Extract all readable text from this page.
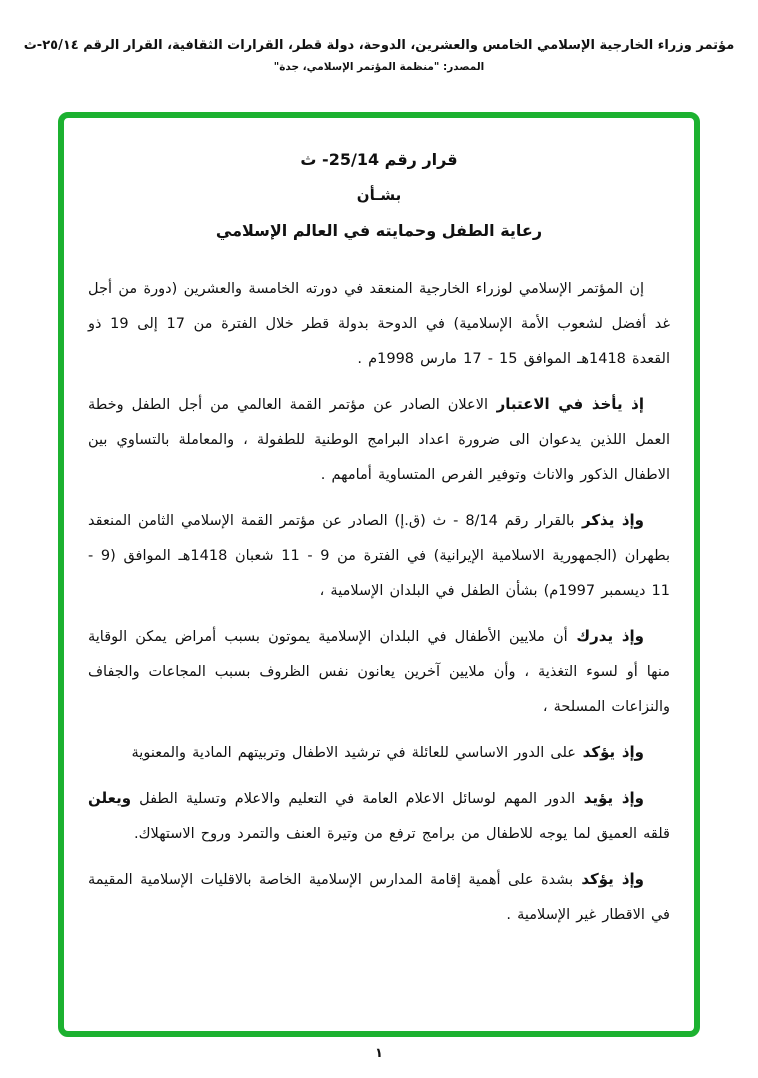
مؤتمر وزراء الخارجية الإسلامي الخامس والعشرين، الدوحة، دولة قطر، القرارات الثقافية، القرار الرقم ٢٥/١٤-ث
المصدر: "منظمة المؤتمر الإسلامي، جدة"
قرار رقم 25/14- ث
بشـأن
رعاية الطفل وحمايته في العالم الإسلامي

إن المؤتمر الإسلامي لوزراء الخارجية المنعقد في دورته الخامسة والعشرين (دورة من أجل غد أفضل لشعوب الأمة الإسلامية) في الدوحة بدولة قطر خلال الفترة من 17 إلى 19 ذو القعدة 1418هـ الموافق 15 - 17 مارس 1998م .

إذ يأخذ في الاعتبار الاعلان الصادر عن مؤتمر القمة العالمي من أجل الطفل وخطة العمل اللذين يدعوان الى ضرورة اعداد البرامج الوطنية للطفولة ، والمعاملة بالتساوي بين الاطفال الذكور والاناث وتوفير الفرص المتساوية أمامهم .

وإذ يذكر بالقرار رقم 8/14 - ث (ق.إ) الصادر عن مؤتمر القمة الإسلامي الثامن المنعقد بطهران (الجمهورية الاسلامية الإيرانية) في الفترة من 9 - 11 شعبان 1418هـ الموافق (9 - 11 ديسمبر 1997م) بشأن الطفل في البلدان الإسلامية ،

وإذ يدرك أن ملايين الأطفال في البلدان الإسلامية يموتون بسبب أمراض يمكن الوقاية منها أو لسوء التغذية ، وأن ملايين آخرين يعانون نفس الظروف بسبب المجاعات والجفاف والنزاعات المسلحة ،

وإذ يؤكد على الدور الاساسي للعائلة في ترشيد الاطفال وتربيتهم المادية والمعنوية

وإذ يؤيد الدور المهم لوسائل الاعلام العامة في التعليم والاعلام وتسلية الطفل ويعلن قلقه العميق لما يوجه للاطفال من برامج ترفع من وتيرة العنف والتمرد وروح الاستهلاك.

وإذ يؤكد بشدة على أهمية إقامة المدارس الإسلامية الخاصة بالاقليات الإسلامية المقيمة في الاقطار غير الإسلامية .

١
